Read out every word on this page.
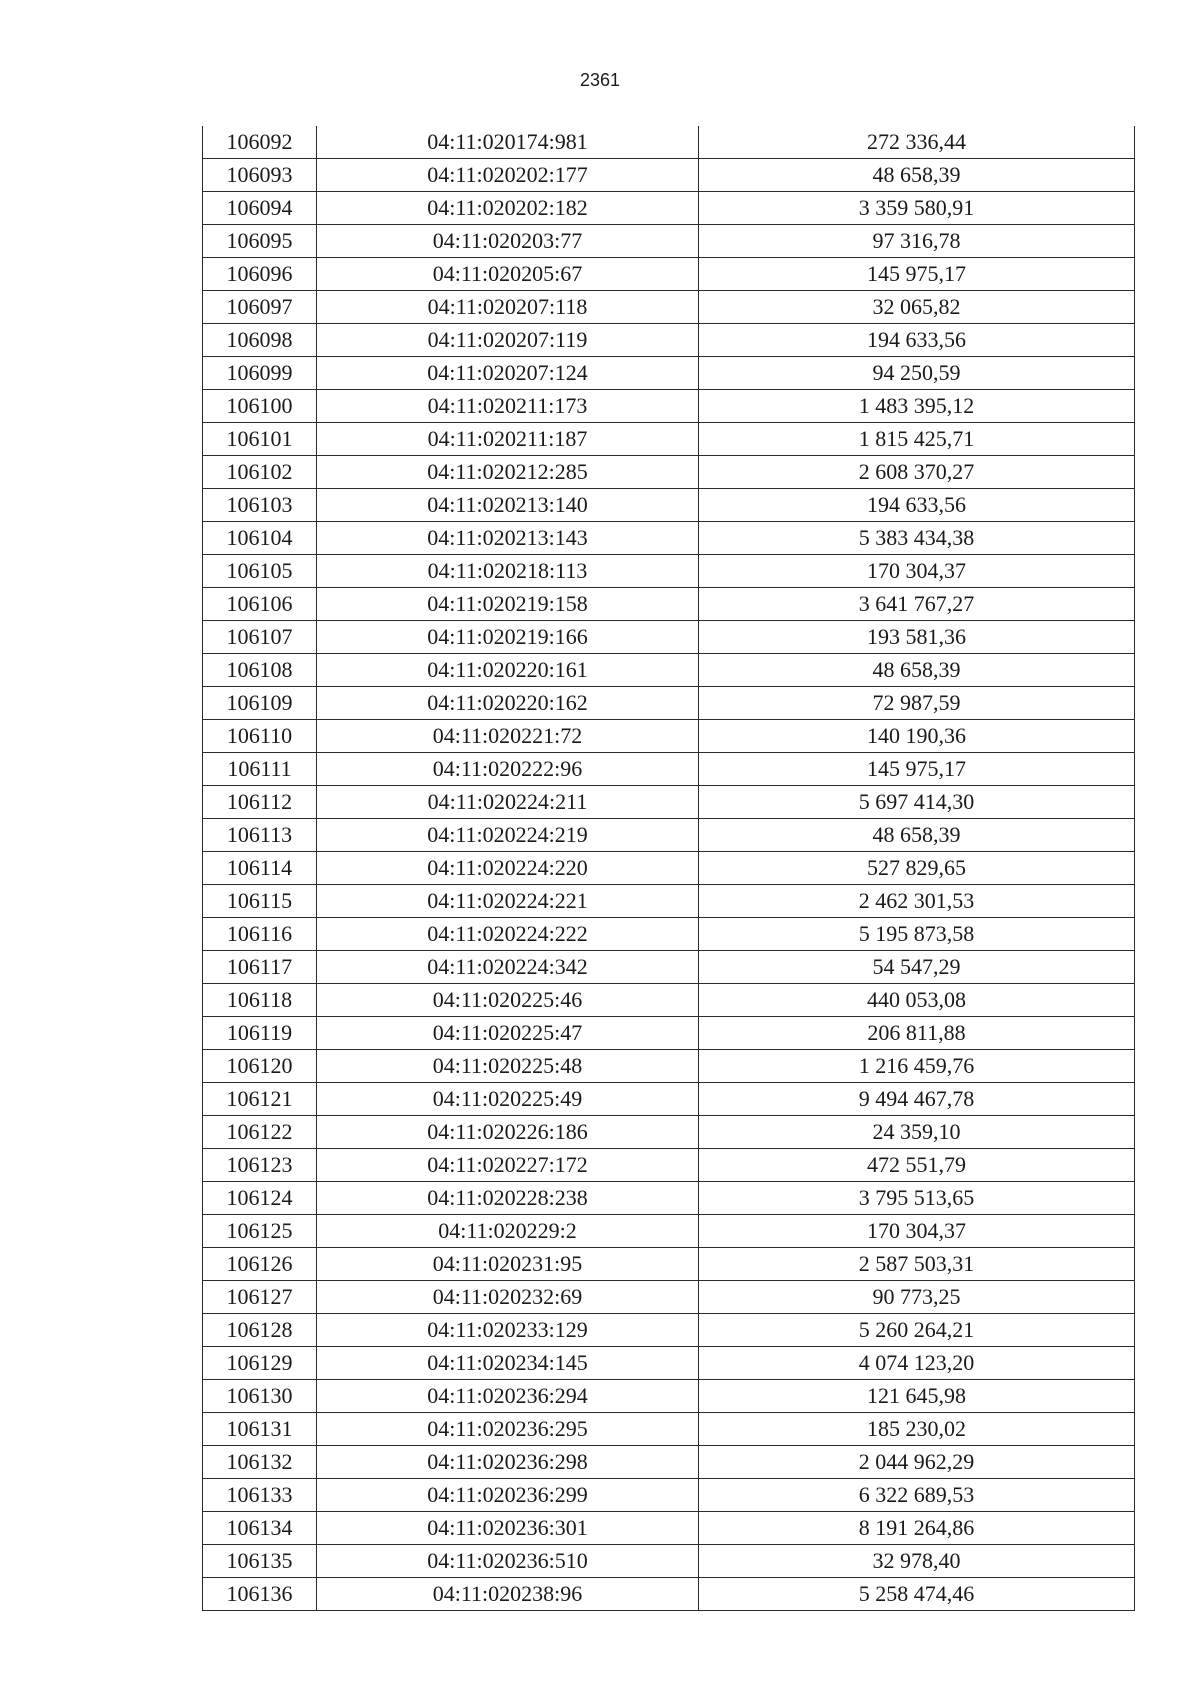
2361
106092	04:11:020174:981	272 336,44
106093	04:11:020202:177	48 658,39
106094	04:11:020202:182	3 359 580,91
106095	04:11:020203:77	97 316,78
106096	04:11:020205:67	145 975,17
106097	04:11:020207:118	32 065,82
106098	04:11:020207:119	194 633,56
106099	04:11:020207:124	94 250,59
106100	04:11:020211:173	1 483 395,12
106101	04:11:020211:187	1 815 425,71
106102	04:11:020212:285	2 608 370,27
106103	04:11:020213:140	194 633,56
106104	04:11:020213:143	5 383 434,38
106105	04:11:020218:113	170 304,37
106106	04:11:020219:158	3 641 767,27
106107	04:11:020219:166	193 581,36
106108	04:11:020220:161	48 658,39
106109	04:11:020220:162	72 987,59
106110	04:11:020221:72	140 190,36
106111	04:11:020222:96	145 975,17
106112	04:11:020224:211	5 697 414,30
106113	04:11:020224:219	48 658,39
106114	04:11:020224:220	527 829,65
106115	04:11:020224:221	2 462 301,53
106116	04:11:020224:222	5 195 873,58
106117	04:11:020224:342	54 547,29
106118	04:11:020225:46	440 053,08
106119	04:11:020225:47	206 811,88
106120	04:11:020225:48	1 216 459,76
106121	04:11:020225:49	9 494 467,78
106122	04:11:020226:186	24 359,10
106123	04:11:020227:172	472 551,79
106124	04:11:020228:238	3 795 513,65
106125	04:11:020229:2	170 304,37
106126	04:11:020231:95	2 587 503,31
106127	04:11:020232:69	90 773,25
106128	04:11:020233:129	5 260 264,21
106129	04:11:020234:145	4 074 123,20
106130	04:11:020236:294	121 645,98
106131	04:11:020236:295	185 230,02
106132	04:11:020236:298	2 044 962,29
106133	04:11:020236:299	6 322 689,53
106134	04:11:020236:301	8 191 264,86
106135	04:11:020236:510	32 978,40
106136	04:11:020238:96	5 258 474,46
